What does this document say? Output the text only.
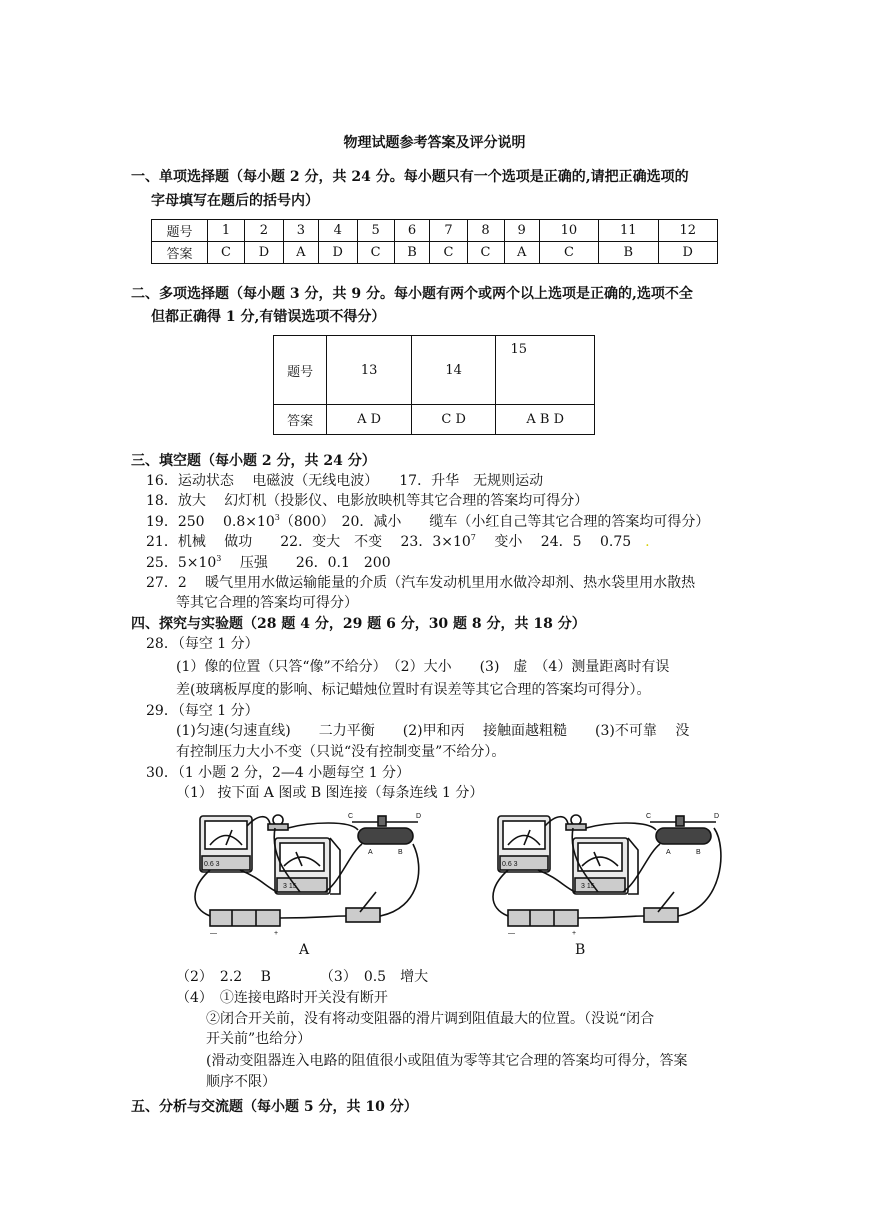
物理试题参考答案及评分说明
一、单项选择题（每小题 2 分，共 24 分。每小题只有一个选项是正确的,请把正确选项的
字母填写在题后的括号内）
题号	1	2	3	4	5	6	7	8	9	10	11	12
答案	C	D	A	D	C	B	C	C	A	C	B	D
二、多项选择题（每小题 3 分，共 9 分。每小题有两个或两个以上选项是正确的,选项不全
但都正确得 1 分,有错误选项不得分）
题号	13	14	15
答案	A D	C D	A B D
三、填空题（每小题 2 分，共 24 分）
16．运动状态　 电磁波（无线电波）　　17．升华　无规则运动
18．放大　 幻灯机（投影仪、电影放映机等其它合理的答案均可得分）
19．250　 $0.8\times 10^3(800)$　20．减小　　缆车（小红自己等其它合理的答案均可得分）
21．机械　 做功　　22．变大　不变　 23．$3\times 10^7$　 变小　 24．5　 0.75　.
25．$5\times 10^3$　 压强　　26．0.1　200
27．2　 暖气里用水做运输能量的介质（汽车发动机里用水做冷却剂、热水袋里用水散热
等其它合理的答案均可得分）
四、探究与实验题（28 题 4 分，29 题 6 分，30 题 8 分，共 18 分）
28．（每空 1 分）
(1）像的位置（只答“像”不给分）　（2）大小　　(3)　虚　（4）测量距离时有误
差(玻璃板厚度的影响、标记蜡烛位置时有误差等其它合理的答案均可得分）。
29．（每空 1 分）
(1)匀速(匀速直线)　　二力平衡　　(2)甲和丙　 接触面越粗糙　　(3)不可靠　 没
有控制压力大小不变（只说“没有控制变量”不给分）。
30．（1 小题 2 分，2—4 小题每空 1 分）
（1） 按下面 A 图或 B 图连接（每条连线 1 分）
C	D
A	B
0.6 3
3 15
—	+
C	D
A	B
0.6 3
3 15
—	+
A	B
（2）　2.2　 B　　　　（3）　0.5　增大
（4）　①连接电路时开关没有断开
②闭合开关前，没有将动变阻器的滑片调到阻值最大的位置。（没说“闭合
开关前”也给分）
(滑动变阻器连入电路的阻值很小或阻值为零等其它合理的答案均可得分，答案
顺序不限）
五、分析与交流题（每小题 5 分，共 10 分）
